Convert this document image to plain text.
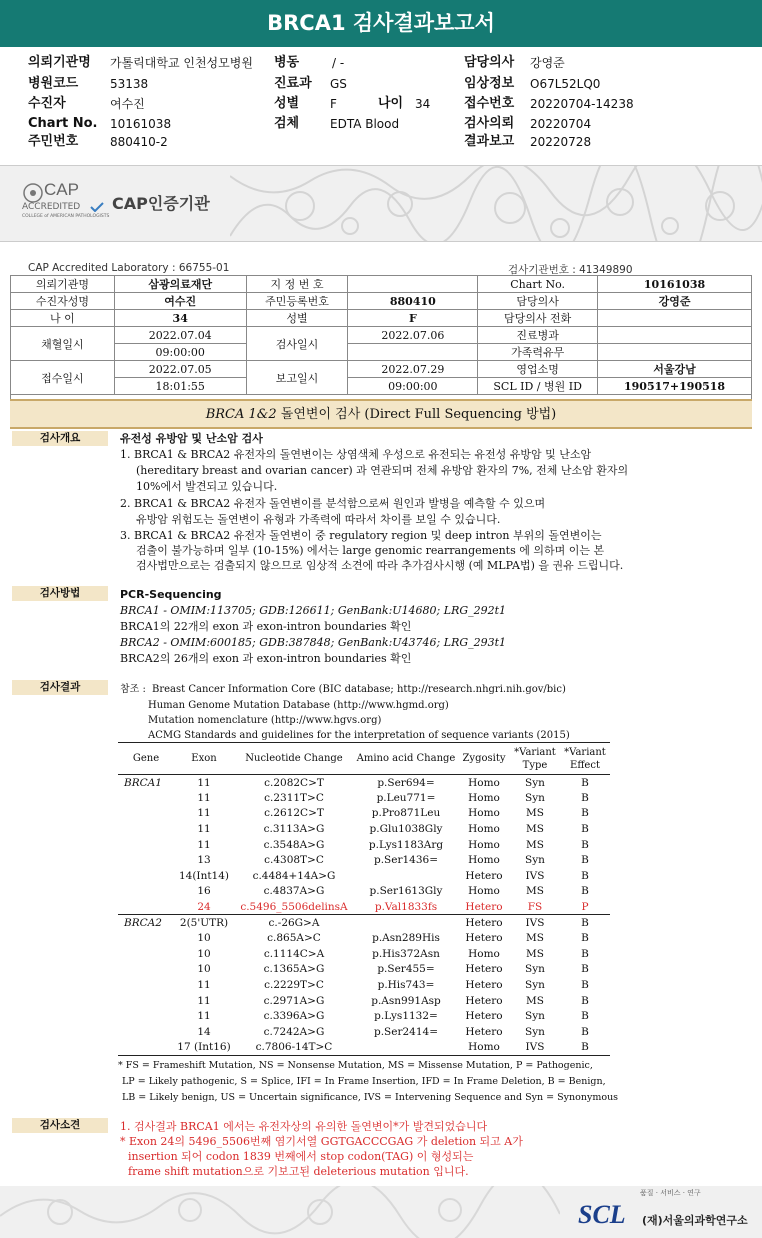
BRCA1 검사결과보고서
의뢰기관명 가톨릭대학교 인천성모병원 병동	/ -	담당의사 강영준
병원코드	53138	진료과 GS	임상정보 O67L52LQ0
수진자	여수진	성별	F	나이 34	접수번호 20220704-14238
Chart No. 10161038	검체	EDTA Blood	검사의뢰 20220704
주민번호	880410-2	결과보고 20220728
CAP
ACCREDITED
COLLEGE of AMERICAN PATHOLOGISTS
CAP인증기관
CAP Accredited Laboratory : 66755-01	검사기관번호 : 41349890
의뢰기관명	삼광의료재단	지 정 번 호		Chart No.	10161038
수진자성명	여수진	주민등록번호	880410	담당의사	강영준
나 이	34	성별	F	담당의사 전화	
채혈일시	2022.07.04	검사일시	2022.07.06	진료병과	
	09:00:00			가족력유무	
접수일시	2022.07.05	보고일시	2022.07.29	영업소명	서울강남
	18:01:55		09:00:00	SCL ID / 병원 ID	190517+190518

BRCA 1&2 돌연변이 검사 (Direct Full Sequencing 방법)
검사개요	유전성 유방암 및 난소암 검사
1. BRCA1 & BRCA2 유전자의 돌연변이는 상염색체 우성으로 유전되는 유전성 유방암 및 난소암
(hereditary breast and ovarian cancer) 과 연관되며 전체 유방암 환자의 7%, 전체 난소암 환자의
10%에서 발견되고 있습니다.
2. BRCA1 & BRCA2 유전자 돌연변이를 분석함으로써 원인과 발병을 예측할 수 있으며
유방암 위험도는 돌연변이 유형과 가족력에 따라서 차이를 보일 수 있습니다.
3. BRCA1 & BRCA2 유전자 돌연변이 중 regulatory region 및 deep intron 부위의 돌연변이는
검출이 불가능하며 일부 (10-15%) 에서는 large genomic rearrangements 에 의하며 이는 본
검사법만으로는 검출되지 않으므로 임상적 소견에 따라 추가검사시행 (예 MLPA법) 을 권유 드립니다.
검사방법	PCR-Sequencing
BRCA1 - OMIM:113705; GDB:126611; GenBank:U14680; LRG_292t1
BRCA1의 22개의 exon 과 exon-intron boundaries 확인
BRCA2 - OMIM:600185; GDB:387848; GenBank:U43746; LRG_293t1
BRCA2의 26개의 exon 과 exon-intron boundaries 확인
검사결과	참조 : Breast Cancer Information Core (BIC database; http://research.nhgri.nih.gov/bic)
Human Genome Mutation Database (http://www.hgmd.org)
Mutation nomenclature (http://www.hgvs.org)
ACMG Standards and guidelines for the interpretation of sequence variants (2015)
Gene	Exon	Nucleotide Change	Amino acid Change	Zygosity	*Variant Type	*Variant Effect
BRCA1	11	c.2082C>T	p.Ser694=	Homo	Syn	B
	11	c.2311T>C	p.Leu771=	Homo	Syn	B
	11	c.2612C>T	p.Pro871Leu	Homo	MS	B
	11	c.3113A>G	p.Glu1038Gly	Homo	MS	B
	11	c.3548A>G	p.Lys1183Arg	Homo	MS	B
	13	c.4308T>C	p.Ser1436=	Homo	Syn	B
	14(Int14)	c.4484+14A>G		Hetero	IVS	B
	16	c.4837A>G	p.Ser1613Gly	Homo	MS	B
	24	c.5496_5506delinsA	p.Val1833fs	Hetero	FS	P
BRCA2	2(5'UTR)	c.-26G>A		Hetero	IVS	B
	10	c.865A>C	p.Asn289His	Hetero	MS	B
	10	c.1114C>A	p.His372Asn	Homo	MS	B
	10	c.1365A>G	p.Ser455=	Hetero	Syn	B
	11	c.2229T>C	p.His743=	Hetero	Syn	B
	11	c.2971A>G	p.Asn991Asp	Hetero	MS	B
	11	c.3396A>G	p.Lys1132=	Hetero	Syn	B
	14	c.7242A>G	p.Ser2414=	Hetero	Syn	B
	17 (Int16)	c.7806-14T>C		Homo	IVS	B
* FS = Frameshift Mutation, NS = Nonsense Mutation, MS = Missense Mutation, P = Pathogenic,
LP = Likely pathogenic, S = Splice, IFI = In Frame Insertion, IFD = In Frame Deletion, B = Benign,
LB = Likely benign, US = Uncertain significance, IVS = Intervening Sequence and Syn = Synonymous
검사소견	1. 검사결과 BRCA1 에서는 유전자상의 유의한 돌연변이*가 발견되었습니다
* Exon 24의 5496_5506번째 염기서열 GGTGACCCGAG 가 deletion 되고 A가
insertion 되어 codon 1839 번째에서 stop codon(TAG) 이 형성되는
frame shift mutation으로 기보고된 deleterious mutation 입니다.
품질 · 서비스 · 연구
SCL (재)서울의과학연구소
